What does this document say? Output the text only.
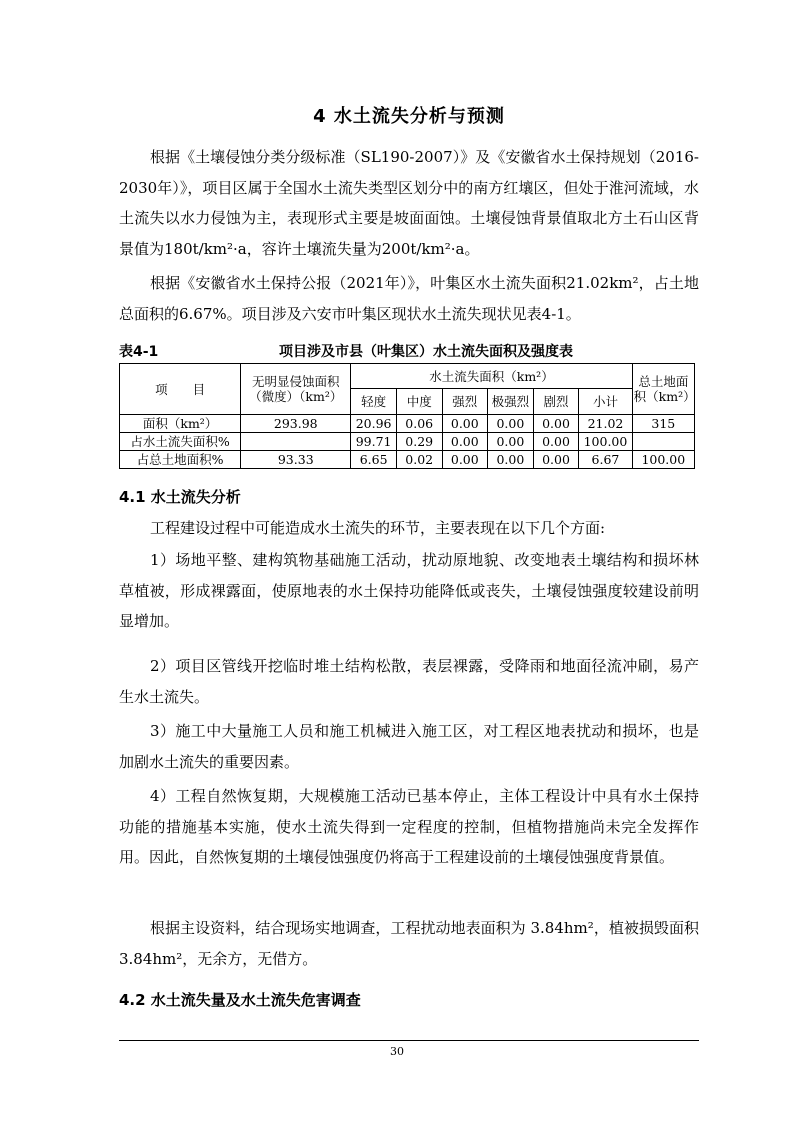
4 水土流失分析与预测

根据《土壤侵蚀分类分级标准（SL190-2007）》及《安徽省水土保持规划（2016-2030年）》，项目区属于全国水土流失类型区划分中的南方红壤区，但处于淮河流域，水土流失以水力侵蚀为主，表现形式主要是坡面面蚀。土壤侵蚀背景值取北方土石山区背景值为180t/km²·a，容许土壤流失量为200t/km²·a。

根据《安徽省水土保持公报（2021年）》，叶集区水土流失面积21.02km²，占土地总面积的6.67%。项目涉及六安市叶集区现状水土流失现状见表4-1。

表4-1	项目涉及市县（叶集区）水土流失面积及强度表
项　　目	无明显侵蚀面积（微度）（km²）	水土流失面积（km²）						总土地面积（km²）
		轻度	中度	强烈	极强烈	剧烈	小计	
面积（km²）	293.98	20.96	0.06	0.00	0.00	0.00	21.02	315
占水土流失面积%		99.71	0.29	0.00	0.00	0.00	100.00	
占总土地面积%	93.33	6.65	0.02	0.00	0.00	0.00	6.67	100.00
4.1 水土流失分析

工程建设过程中可能造成水土流失的环节，主要表现在以下几个方面:

1）场地平整、建构筑物基础施工活动，扰动原地貌、改变地表土壤结构和损坏林草植被，形成裸露面，使原地表的水土保持功能降低或丧失，土壤侵蚀强度较建设前明显增加。

2）项目区管线开挖临时堆土结构松散，表层裸露，受降雨和地面径流冲刷，易产生水土流失。

3）施工中大量施工人员和施工机械进入施工区，对工程区地表扰动和损坏，也是加剧水土流失的重要因素。

4）工程自然恢复期，大规模施工活动已基本停止，主体工程设计中具有水土保持功能的措施基本实施，使水土流失得到一定程度的控制，但植物措施尚未完全发挥作用。因此，自然恢复期的土壤侵蚀强度仍将高于工程建设前的土壤侵蚀强度背景值。

根据主设资料，结合现场实地调查，工程扰动地表面积为 3.84hm²，植被损毁面积 3.84hm²，无余方，无借方。

4.2 水土流失量及水土流失危害调查
30
